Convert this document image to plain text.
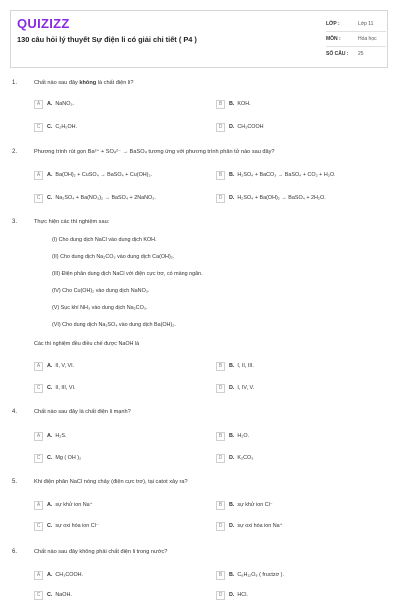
QUIZIZZ
130 câu hỏi lý thuyết Sự điện li có giải chi tiết ( P4 )
LỚP :	Lớp 11
MÔN :	Hóa học
SỐ CÂU :	25
1.	Chất nào sau đây không là chất điện li?
A	A. NaNO₃.	B	B. KOH.
C	C. C₂H₅OH.	D	D. CH₃COOH
2.	Phương trình rút gọn Ba²⁺ + SO₄²⁻ → BaSO₄ tương ứng với phương trình phân tử nào sau đây?
A	A. Ba(OH)₂ + CuSO₄ → BaSO₄ + Cu(OH)₂.	B	B. H₂SO₄ + BaCO₃ → BaSO₄ + CO₂ + H₂O.
C	C. Na₂SO₄ + Ba(NO₃)₂ → BaSO₄ + 2NaNO₃.	D	D. H₂SO₄ + Ba(OH)₂ → BaSO₄ + 2H₂O.
3.	Thực hiện các thí nghiệm sau:
(I) Cho dung dịch NaCl vào dung dịch KOH.
(II) Cho dung dịch Na₂CO₃ vào dung dịch Ca(OH)₂.
(III) Điện phân dung dịch NaCl với điện cực trơ, có màng ngăn.
(IV) Cho Cu(OH)₂ vào dung dịch NaNO₃.
(V) Sục khí NH₃ vào dung dịch Na₂CO₃.
(VI) Cho dung dịch Na₂SO₄ vào dung dịch Ba(OH)₂.
Các thí nghiệm đều điều chế được NaOH là
A	A. II, V, VI.	B	B. I, II, III.
C	C. II, III, VI.	D	D. I, IV, V.
4.	Chất nào sau đây là chất điện li mạnh?
A	A. H₂S.	B	B. H₂O.
C	C. Mg ( OH )₂	D	D. K₂CO₃
5.	Khi điện phân NaCl nóng chảy (điện cực trơ), tại catot xảy ra?
A	A. sự khử ion Na⁺	B	B. sự khử ion Cl⁻
C	C. sự oxi hóa ion Cl⁻	D	D. sự oxi hóa ion Na⁺
6.	Chất nào sau đây không phải chất điện li trong nước?
A	A. CH₃COOH.	B	B. C₆H₁₂O₆ ( fructzơ ).
C	C. NaOH.	D	D. HCl.
